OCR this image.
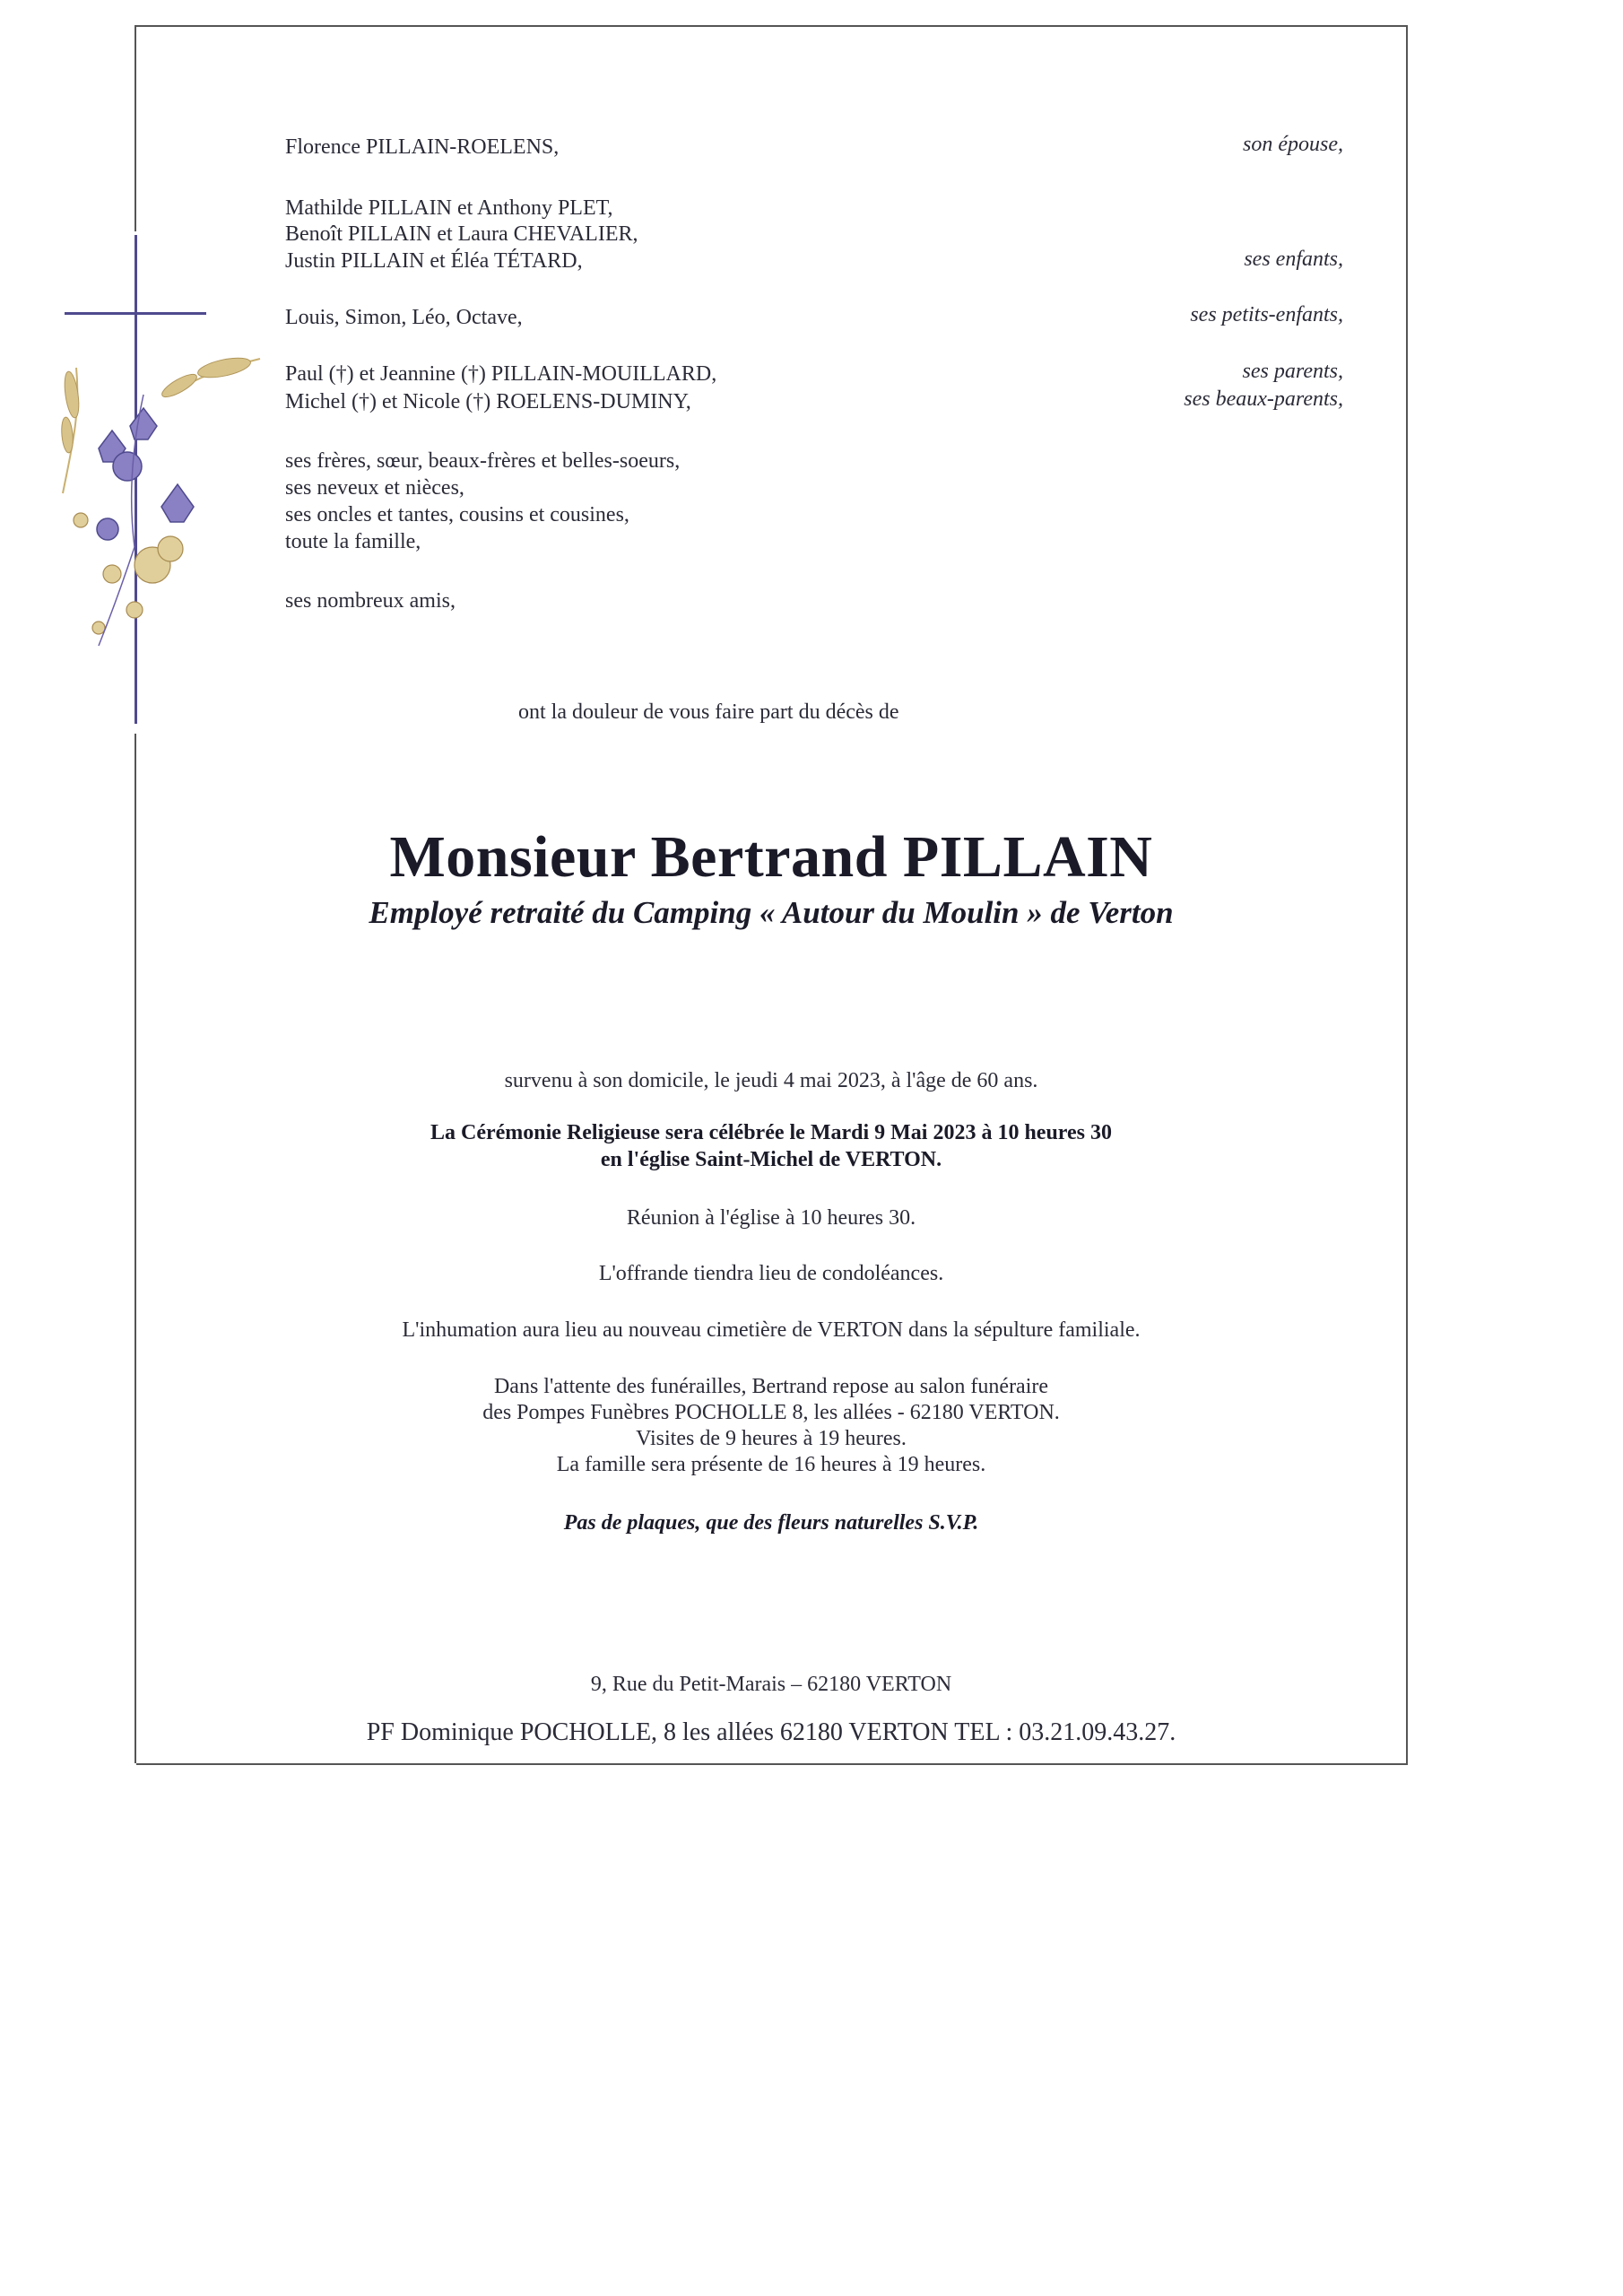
Florence PILLAIN-ROELENS,	son épouse,
Mathilde PILLAIN et Anthony PLET,
Benoît PILLAIN et Laura CHEVALIER,
Justin PILLAIN et Éléa TÉTARD,	ses enfants,
Louis, Simon, Léo, Octave,	ses petits-enfants,
Paul (†) et Jeannine (†) PILLAIN-MOUILLARD,	ses parents,
Michel (†) et Nicole (†) ROELENS-DUMINY,	ses beaux-parents,
ses frères, sœur, beaux-frères et belles-soeurs,
ses neveux et nièces,
ses oncles et tantes, cousins et cousines,
toute la famille,
ses nombreux amis,
ont la douleur de vous faire part du décès de
Monsieur Bertrand PILLAIN
Employé retraité du Camping « Autour du Moulin » de Verton
survenu à son domicile, le jeudi 4 mai 2023, à l'âge de 60 ans.
La Cérémonie Religieuse sera célébrée le Mardi 9 Mai 2023 à 10 heures 30
en l'église Saint-Michel de VERTON.
Réunion à l'église à 10 heures 30.
L'offrande tiendra lieu de condoléances.
L'inhumation aura lieu au nouveau cimetière de VERTON dans la sépulture familiale.
Dans l'attente des funérailles, Bertrand repose au salon funéraire
des Pompes Funèbres POCHOLLE 8, les allées - 62180 VERTON.
Visites de 9 heures à 19 heures.
La famille sera présente de 16 heures à 19 heures.
Pas de plaques, que des fleurs naturelles S.V.P.
9, Rue du Petit-Marais – 62180 VERTON
PF Dominique POCHOLLE, 8 les allées 62180 VERTON TEL : 03.21.09.43.27.
